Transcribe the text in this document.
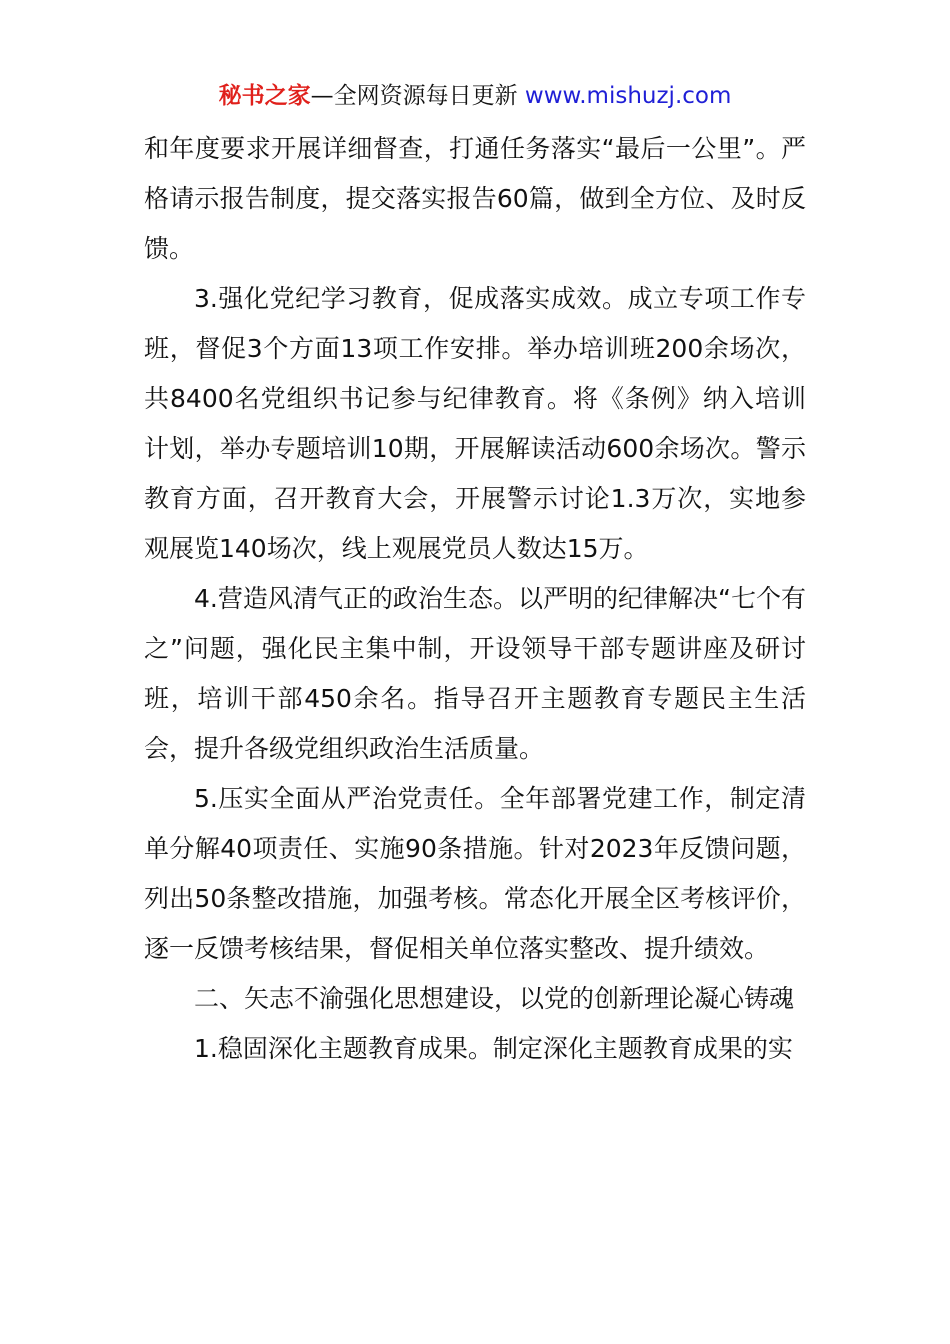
秘书之家—全网资源每日更新 www.mishuzj.com

和年度要求开展详细督查，打通任务落实“最后一公里”。严格请示报告制度，提交落实报告60篇，做到全方位、及时反馈。

3.强化党纪学习教育，促成落实成效。成立专项工作专班，督促3个方面13项工作安排。举办培训班200余场次，共8400名党组织书记参与纪律教育。将《条例》纳入培训计划，举办专题培训10期，开展解读活动600余场次。警示教育方面，召开教育大会，开展警示讨论1.3万次，实地参观展览140场次，线上观展党员人数达15万。

4.营造风清气正的政治生态。以严明的纪律解决“七个有之”问题，强化民主集中制，开设领导干部专题讲座及研讨班，培训干部450余名。指导召开主题教育专题民主生活会，提升各级党组织政治生活质量。

5.压实全面从严治党责任。全年部署党建工作，制定清单分解40项责任、实施90条措施。针对2023年反馈问题，列出50条整改措施，加强考核。常态化开展全区考核评价，逐一反馈考核结果，督促相关单位落实整改、提升绩效。

二、矢志不渝强化思想建设，以党的创新理论凝心铸魂

1.稳固深化主题教育成果。制定深化主题教育成果的实
